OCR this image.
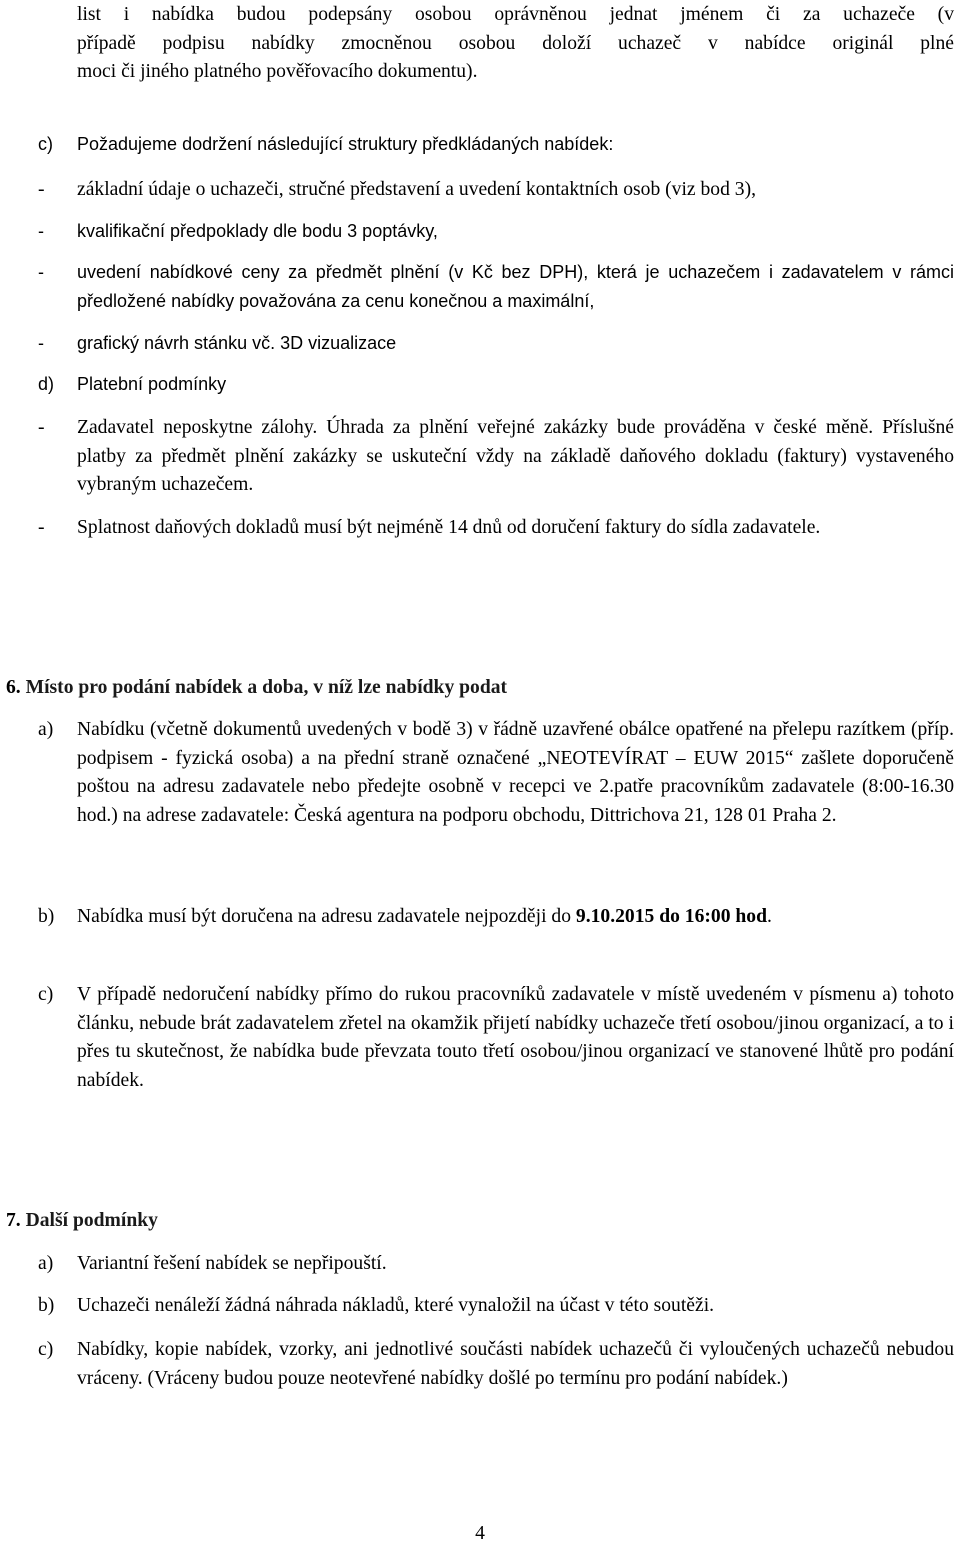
list i nabídka budou podepsány osobou oprávněnou jednat jménem či za uchazeče (v
případě podpisu nabídky zmocněnou osobou doloží uchazeč v nabídce originál plné
moci či jiného platného pověřovacího dokumentu).
c) Požadujeme dodržení následující struktury předkládaných nabídek:
- základní údaje o uchazeči, stručné představení a uvedení kontaktních osob (viz bod 3),
- kvalifikační předpoklady dle bodu 3 poptávky,
- uvedení nabídkové ceny za předmět plnění (v Kč bez DPH), která je uchazečem i zadavatelem v rámci předložené nabídky považována za cenu konečnou a maximální,
- grafický návrh stánku vč. 3D vizualizace
d) Platební podmínky
- Zadavatel neposkytne zálohy. Úhrada za plnění veřejné zakázky bude prováděna v české měně. Příslušné platby za předmět plnění zakázky se uskuteční vždy na základě daňového dokladu (faktury) vystaveného vybraným uchazečem.
- Splatnost daňových dokladů musí být nejméně 14 dnů od doručení faktury do sídla zadavatele.
6. Místo pro podání nabídek a doba, v níž lze nabídky podat
a) Nabídku (včetně dokumentů uvedených v bodě 3) v řádně uzavřené obálce opatřené na přelepu razítkem (příp. podpisem - fyzická osoba) a na přední straně označené „NEOTEVÍRAT – EUW 2015“ zašlete doporučeně poštou na adresu zadavatele nebo předejte osobně v recepci ve 2.patře pracovníkům zadavatele (8:00-16.30 hod.) na adrese zadavatele: Česká agentura na podporu obchodu, Dittrichova 21, 128 01 Praha 2.
b) Nabídka musí být doručena na adresu zadavatele nejpozději do 9.10.2015 do 16:00 hod.
c) V případě nedoručení nabídky přímo do rukou pracovníků zadavatele v místě uvedeném v písmenu a) tohoto článku, nebude brát zadavatelem zřetel na okamžik přijetí nabídky uchazeče třetí osobou/jinou organizací, a to i přes tu skutečnost, že nabídka bude převzata touto třetí osobou/jinou organizací ve stanovené lhůtě pro podání nabídek.
7. Další podmínky
a) Variantní řešení nabídek se nepřipouští.
b) Uchazeči nenáleží žádná náhrada nákladů, které vynaložil na účast v této soutěži.
c) Nabídky, kopie nabídek, vzorky, ani jednotlivé součásti nabídek uchazečů či vyloučených uchazečů nebudou vráceny. (Vráceny budou pouze neotevřené nabídky došlé po termínu pro podání nabídek.)
4
